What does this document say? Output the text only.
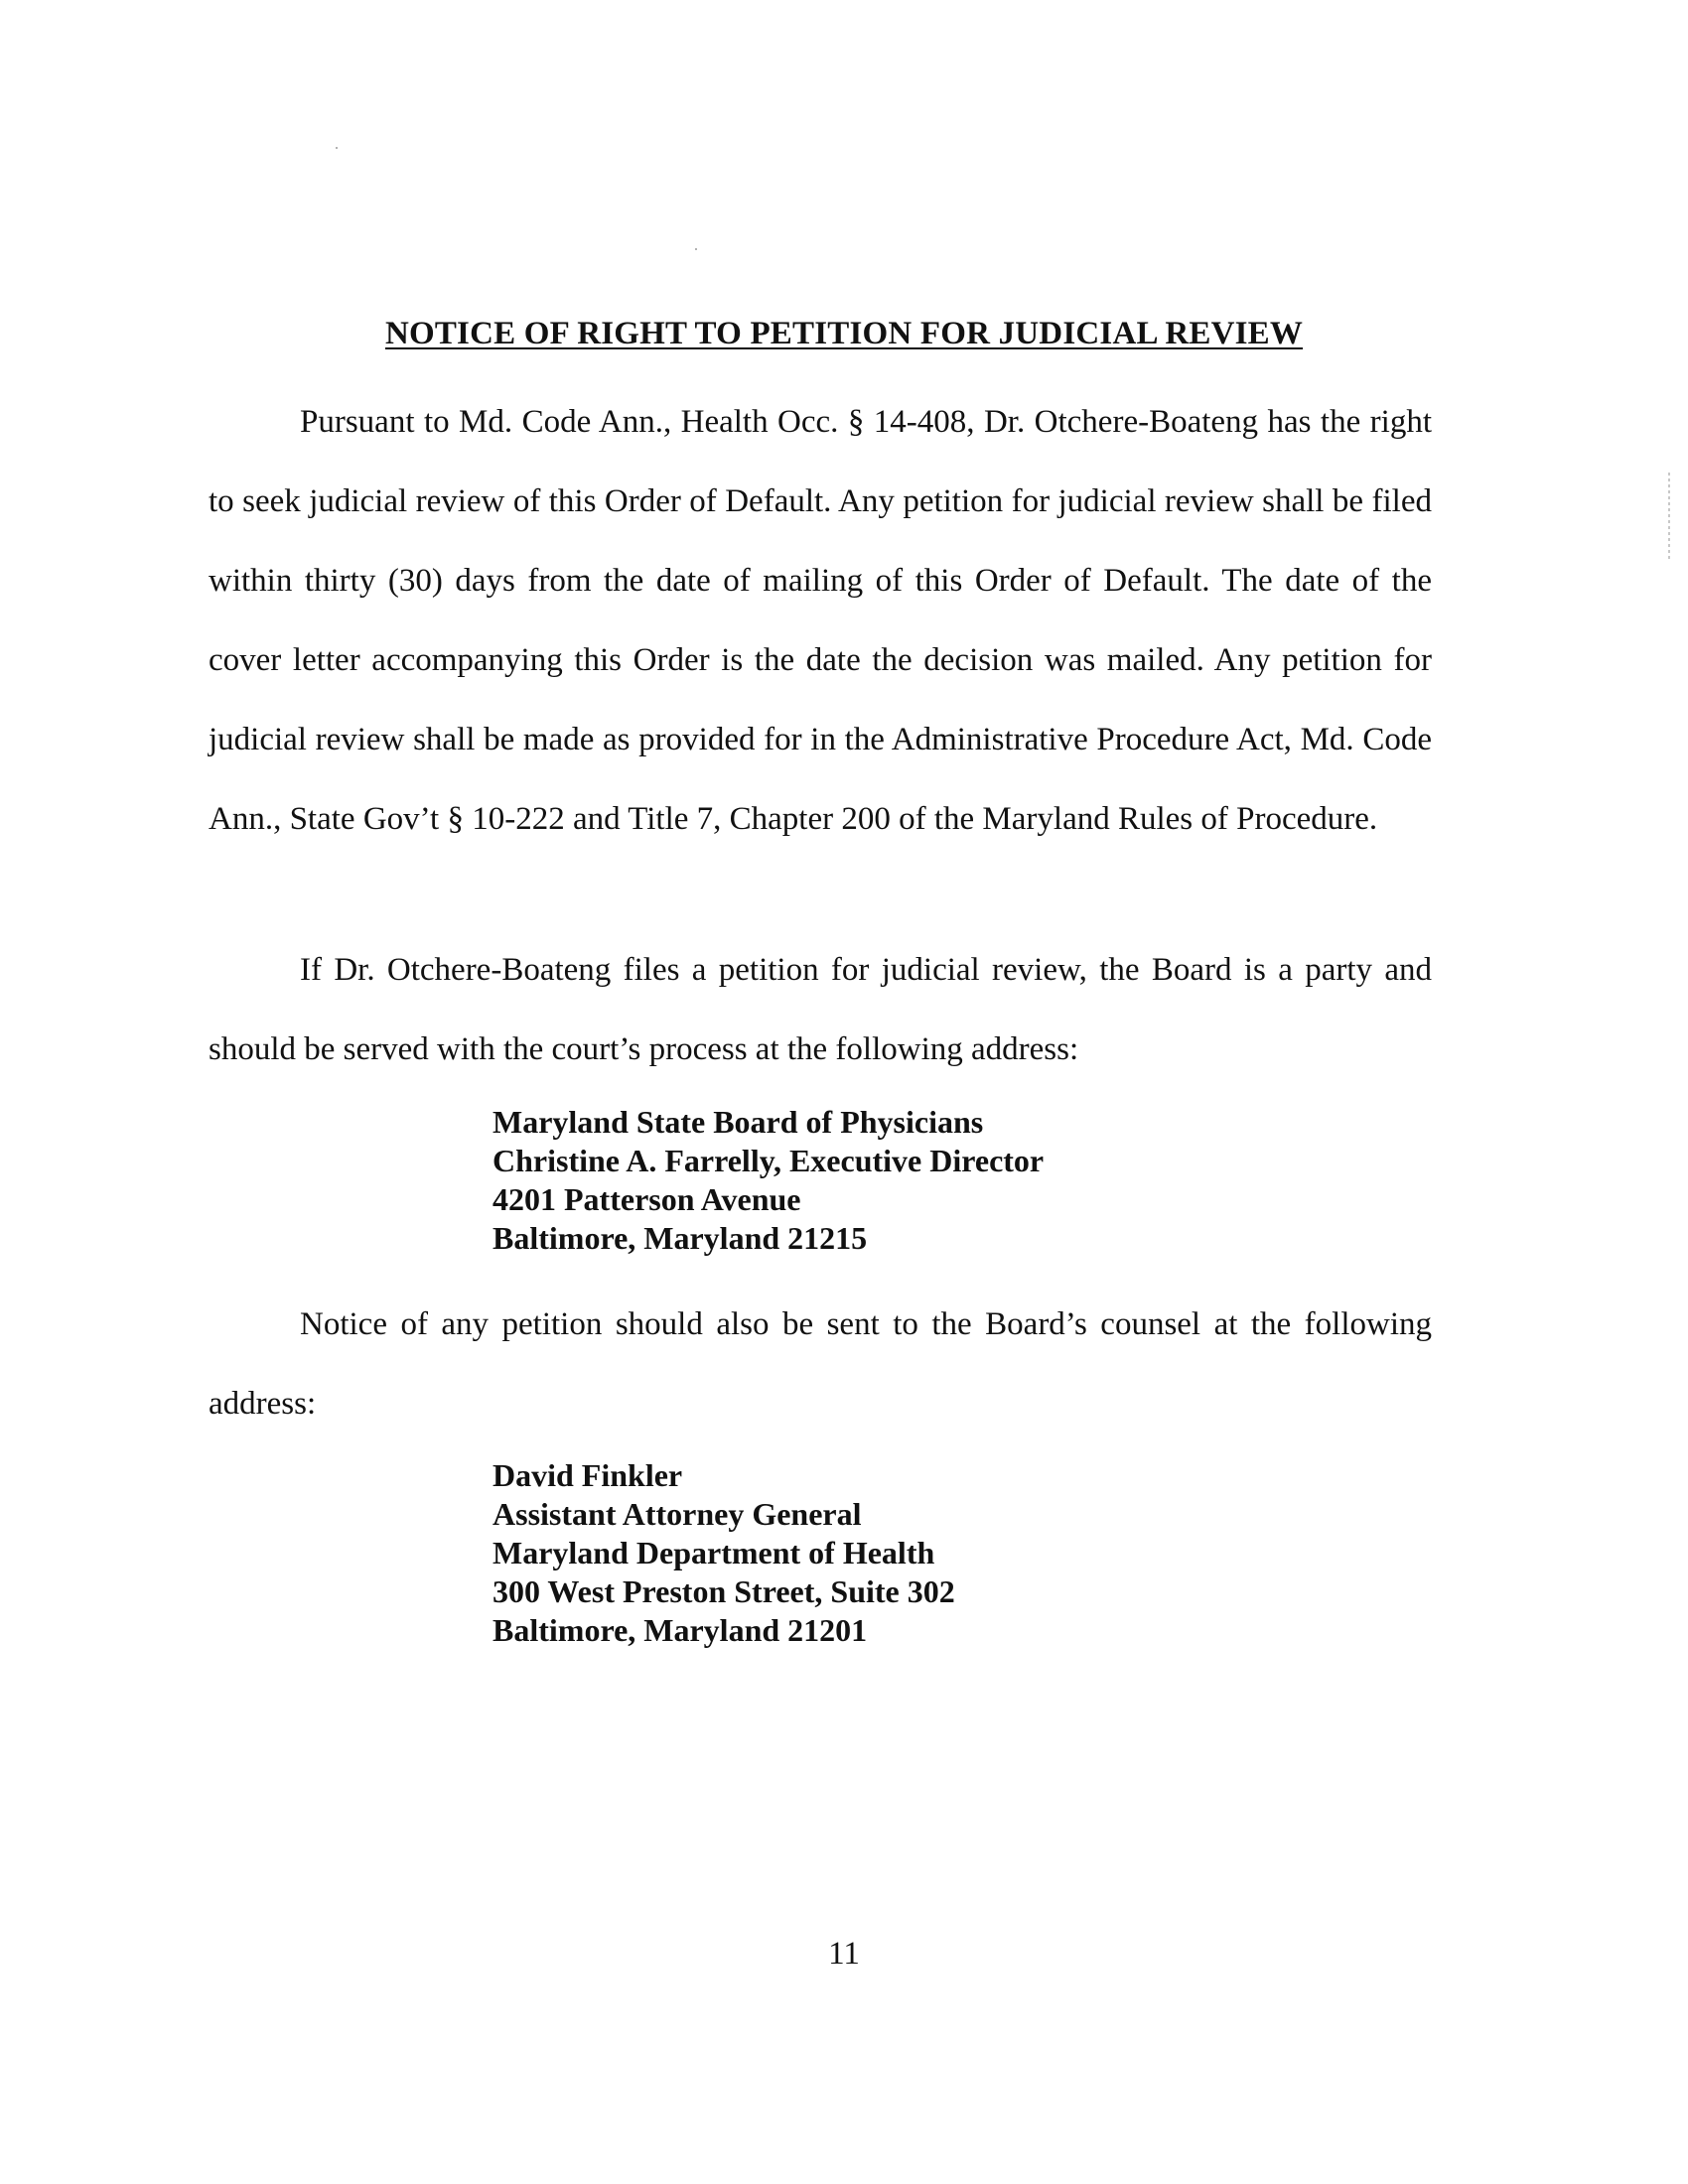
NOTICE OF RIGHT TO PETITION FOR JUDICIAL REVIEW

Pursuant to Md. Code Ann., Health Occ. § 14-408, Dr. Otchere-Boateng has the right to seek judicial review of this Order of Default. Any petition for judicial review shall be filed within thirty (30) days from the date of mailing of this Order of Default. The date of the cover letter accompanying this Order is the date the decision was mailed. Any petition for judicial review shall be made as provided for in the Administrative Procedure Act, Md. Code Ann., State Gov’t § 10-222 and Title 7, Chapter 200 of the Maryland Rules of Procedure.

If Dr. Otchere-Boateng files a petition for judicial review, the Board is a party and should be served with the court’s process at the following address:

Maryland State Board of Physicians
Christine A. Farrelly, Executive Director
4201 Patterson Avenue
Baltimore, Maryland 21215

Notice of any petition should also be sent to the Board’s counsel at the following address:

David Finkler
Assistant Attorney General
Maryland Department of Health
300 West Preston Street, Suite 302
Baltimore, Maryland 21201
11
